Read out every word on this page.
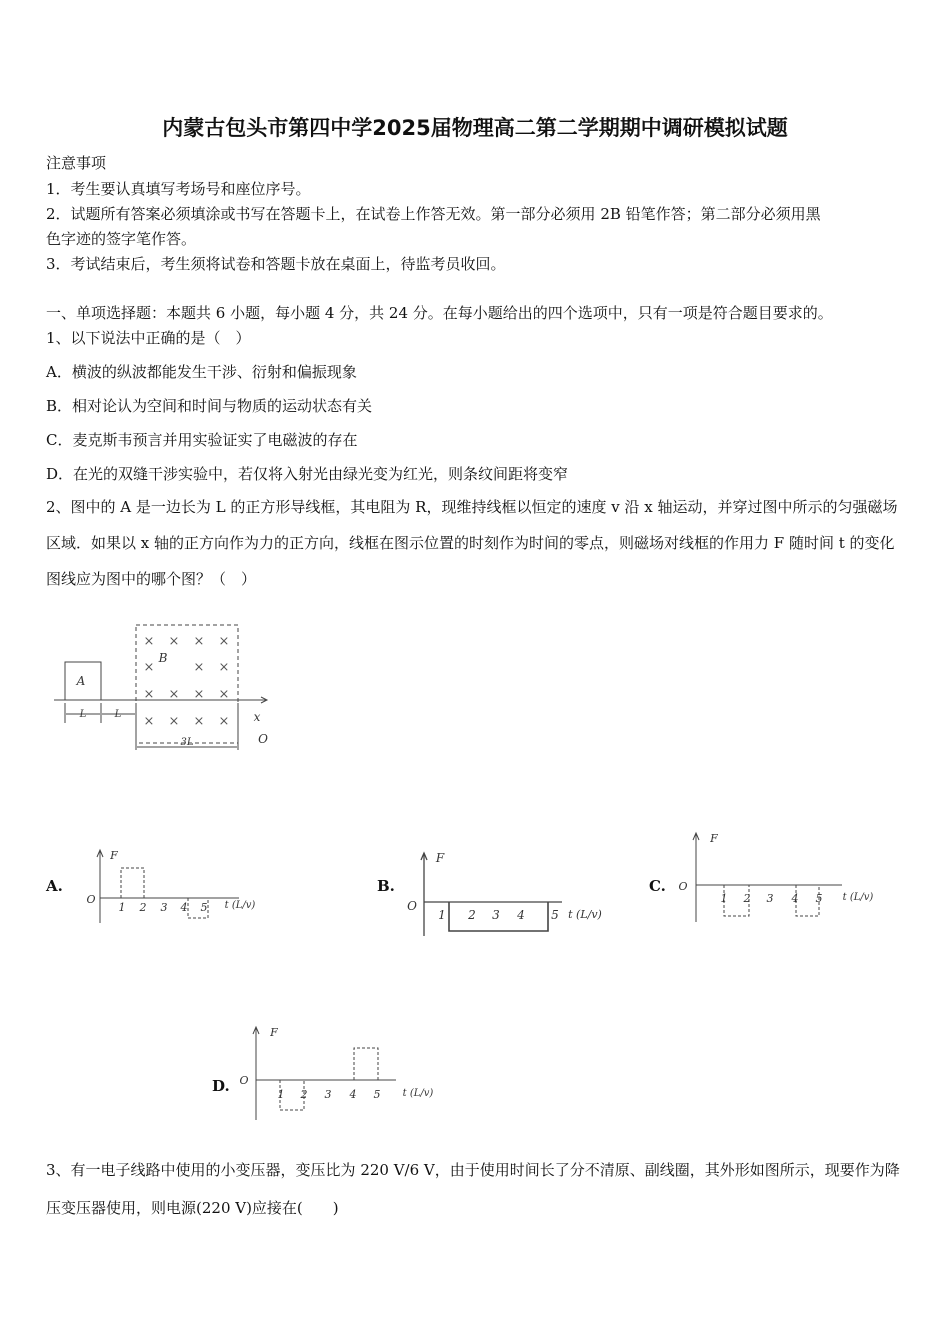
内蒙古包头市第四中学2025届物理高二第二学期期中调研模拟试题
注意事项
1．考生要认真填写考场号和座位序号。
2．试题所有答案必须填涂或书写在答题卡上，在试卷上作答无效。第一部分必须用 2B 铅笔作答；第二部分必须用黑
色字迹的签字笔作答。
3．考试结束后，考生须将试卷和答题卡放在桌面上，待监考员收回。
一、单项选择题：本题共 6 小题，每小题 4 分，共 24 分。在每小题给出的四个选项中，只有一项是符合题目要求的。
1、以下说法中正确的是（　）
A．横波的纵波都能发生干涉、衍射和偏振现象
B．相对论认为空间和时间与物质的运动状态有关
C．麦克斯韦预言并用实验证实了电磁波的存在
D．在光的双缝干涉实验中，若仅将入射光由绿光变为红光，则条纹间距将变窄
2、图中的 A 是一边长为 L 的正方形导线框，其电阻为 R，现维持线框以恒定的速度 v 沿 x 轴运动，并穿过图中所示的匀强磁场区域．如果以 x 轴的正方向作为力的正方向，线框在图示位置的时刻作为时间的零点，则磁场对线框的作用力 F 随时间 t 的变化图线应为图中的哪个图？（　）
A
B
x
O
L	L
3L
× × × ×
×	× ×
× × × ×
× × × ×
A.
F
O
1 2 3 4 5 t (L/v)
B.
F
O
1 2 3 4 5 t (L/v)
C.
F
O
1 2 3 4 5 t (L/v)
D.
F
O
1 2 3 4 5 t (L/v)
3、有一电子线路中使用的小变压器，变压比为 220 V/6 V，由于使用时间长了分不清原、副线圈，其外形如图所示，现要作为降压变压器使用，则电源(220 V)应接在(　　)
